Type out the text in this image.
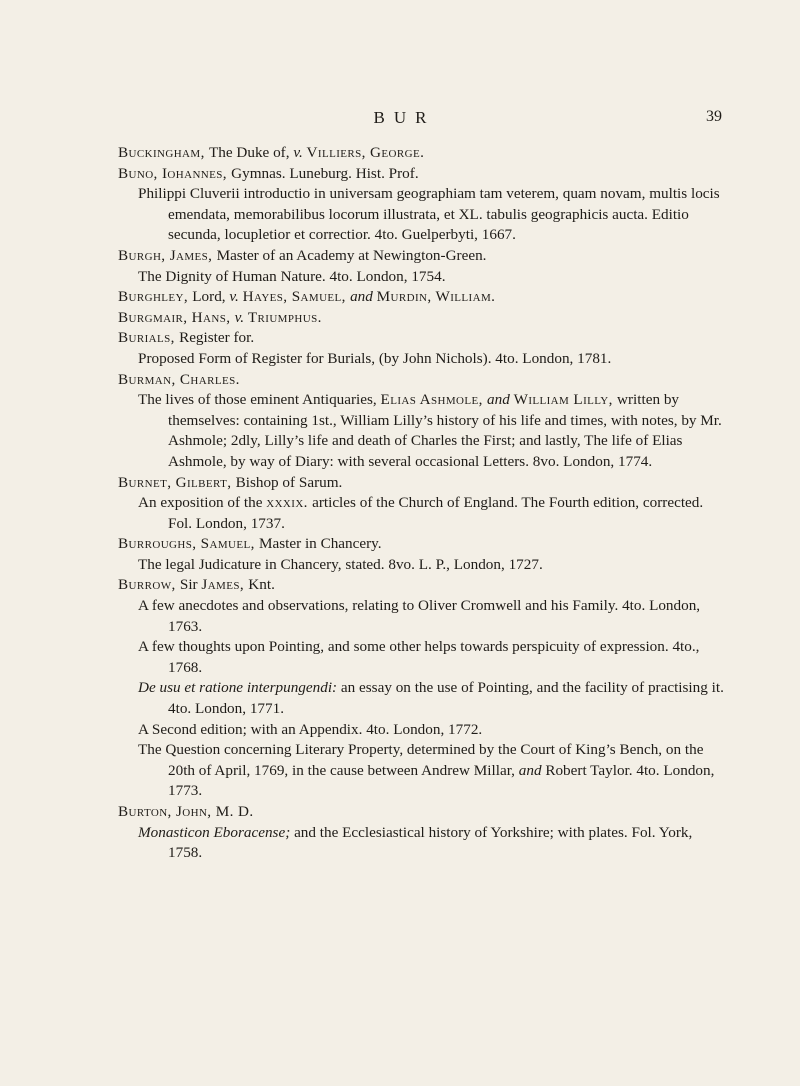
BUR	39

Buckingham, The Duke of, v. Villiers, George.

Buno, Iohannes, Gymnas. Luneburg. Hist. Prof.

Philippi Cluverii introductio in universam geographiam tam veterem, quam novam, multis locis emendata, memorabilibus locorum illustrata, et XL. tabulis geographicis aucta. Editio secunda, locupletior et correctior. 4to. Guelperbyti, 1667.

Burgh, James, Master of an Academy at Newington-Green.

The Dignity of Human Nature. 4to. London, 1754.

Burghley, Lord, v. Hayes, Samuel, and Murdin, William.

Burgmair, Hans, v. Triumphus.

Burials, Register for.

Proposed Form of Register for Burials, (by John Nichols). 4to. London, 1781.

Burman, Charles.

The lives of those eminent Antiquaries, Elias Ashmole, and William Lilly, written by themselves: containing 1st., William Lilly’s history of his life and times, with notes, by Mr. Ashmole; 2dly, Lilly’s life and death of Charles the First; and lastly, The life of Elias Ashmole, by way of Diary: with several occasional Letters. 8vo. London, 1774.

Burnet, Gilbert, Bishop of Sarum.

An exposition of the xxxix. articles of the Church of England. The Fourth edition, corrected. Fol. London, 1737.

Burroughs, Samuel, Master in Chancery.

The legal Judicature in Chancery, stated. 8vo. L. P., London, 1727.

Burrow, Sir James, Knt.

A few anecdotes and observations, relating to Oliver Cromwell and his Family. 4to. London, 1763.

A few thoughts upon Pointing, and some other helps towards perspicuity of expression. 4to., 1768.

De usu et ratione interpungendi: an essay on the use of Pointing, and the facility of practising it. 4to. London, 1771.

A Second edition; with an Appendix. 4to. London, 1772.

The Question concerning Literary Property, determined by the Court of King’s Bench, on the 20th of April, 1769, in the cause between Andrew Millar, and Robert Taylor. 4to. London, 1773.

Burton, John, M. D.

Monasticon Eboracense; and the Ecclesiastical history of Yorkshire; with plates. Fol. York, 1758.
